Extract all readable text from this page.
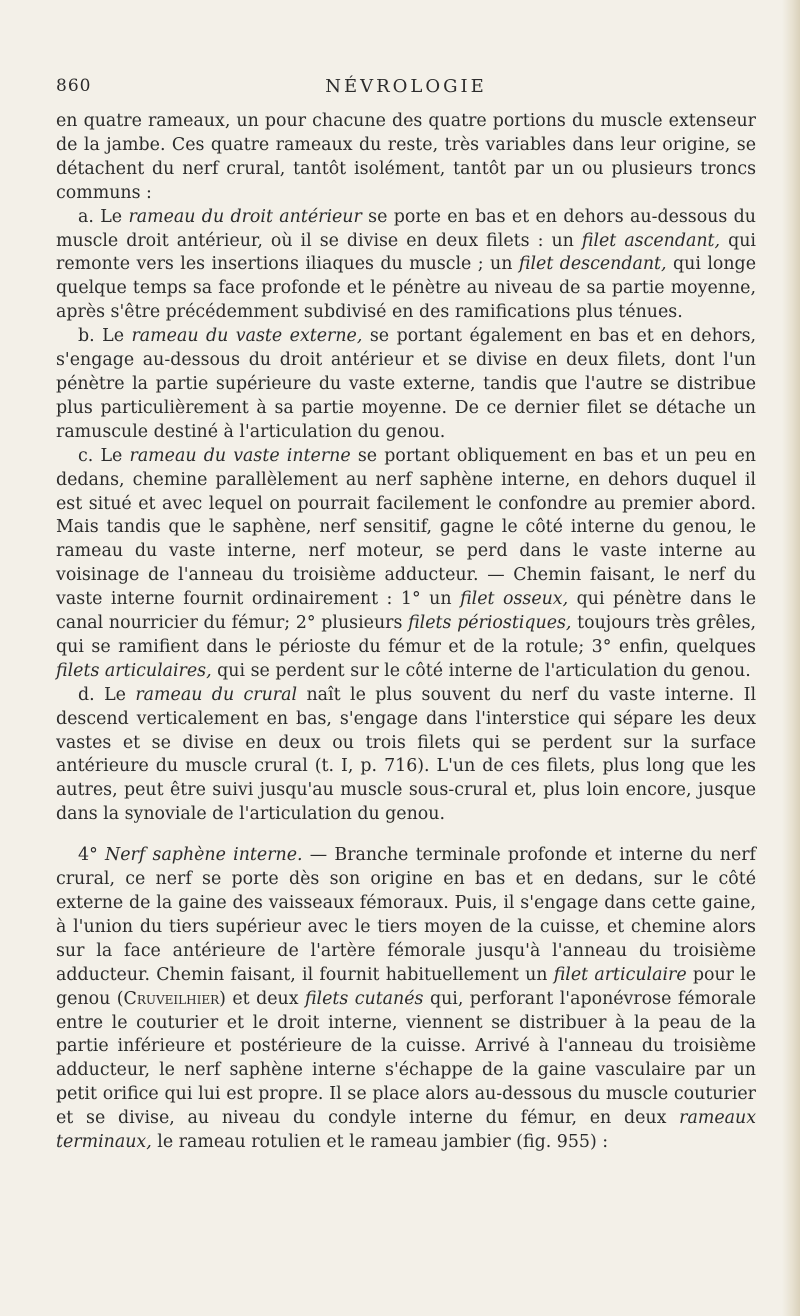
860	NÉVROLOGIE

en quatre rameaux, un pour chacune des quatre portions du muscle extenseur de la jambe. Ces quatre rameaux du reste, très variables dans leur origine, se détachent du nerf crural, tantôt isolément, tantôt par un ou plusieurs troncs communs :

a. Le rameau du droit antérieur se porte en bas et en dehors au-dessous du muscle droit antérieur, où il se divise en deux filets : un filet ascendant, qui remonte vers les insertions iliaques du muscle ; un filet descendant, qui longe quelque temps sa face profonde et le pénètre au niveau de sa partie moyenne, après s'être précédemment subdivisé en des ramifications plus ténues.

b. Le rameau du vaste externe, se portant également en bas et en dehors, s'engage au-dessous du droit antérieur et se divise en deux filets, dont l'un pénètre la partie supérieure du vaste externe, tandis que l'autre se distribue plus particulièrement à sa partie moyenne. De ce dernier filet se détache un ramuscule destiné à l'articulation du genou.

c. Le rameau du vaste interne se portant obliquement en bas et un peu en dedans, chemine parallèlement au nerf saphène interne, en dehors duquel il est situé et avec lequel on pourrait facilement le confondre au premier abord. Mais tandis que le saphène, nerf sensitif, gagne le côté interne du genou, le rameau du vaste interne, nerf moteur, se perd dans le vaste interne au voisinage de l'anneau du troisième adducteur. — Chemin faisant, le nerf du vaste interne fournit ordinairement : 1° un filet osseux, qui pénètre dans le canal nourricier du fémur; 2° plusieurs filets périostiques, toujours très grêles, qui se ramifient dans le périoste du fémur et de la rotule; 3° enfin, quelques filets articulaires, qui se perdent sur le côté interne de l'articulation du genou.

d. Le rameau du crural naît le plus souvent du nerf du vaste interne. Il descend verticalement en bas, s'engage dans l'interstice qui sépare les deux vastes et se divise en deux ou trois filets qui se perdent sur la surface antérieure du muscle crural (t. I, p. 716). L'un de ces filets, plus long que les autres, peut être suivi jusqu'au muscle sous-crural et, plus loin encore, jusque dans la synoviale de l'articulation du genou.

4° Nerf saphène interne. — Branche terminale profonde et interne du nerf crural, ce nerf se porte dès son origine en bas et en dedans, sur le côté externe de la gaine des vaisseaux fémoraux. Puis, il s'engage dans cette gaine, à l'union du tiers supérieur avec le tiers moyen de la cuisse, et chemine alors sur la face antérieure de l'artère fémorale jusqu'à l'anneau du troisième adducteur. Chemin faisant, il fournit habituellement un filet articulaire pour le genou (Cruveilhier) et deux filets cutanés qui, perforant l'aponévrose fémorale entre le couturier et le droit interne, viennent se distribuer à la peau de la partie inférieure et postérieure de la cuisse. Arrivé à l'anneau du troisième adducteur, le nerf saphène interne s'échappe de la gaine vasculaire par un petit orifice qui lui est propre. Il se place alors au-dessous du muscle couturier et se divise, au niveau du condyle interne du fémur, en deux rameaux terminaux, le rameau rotulien et le rameau jambier (fig. 955) :
